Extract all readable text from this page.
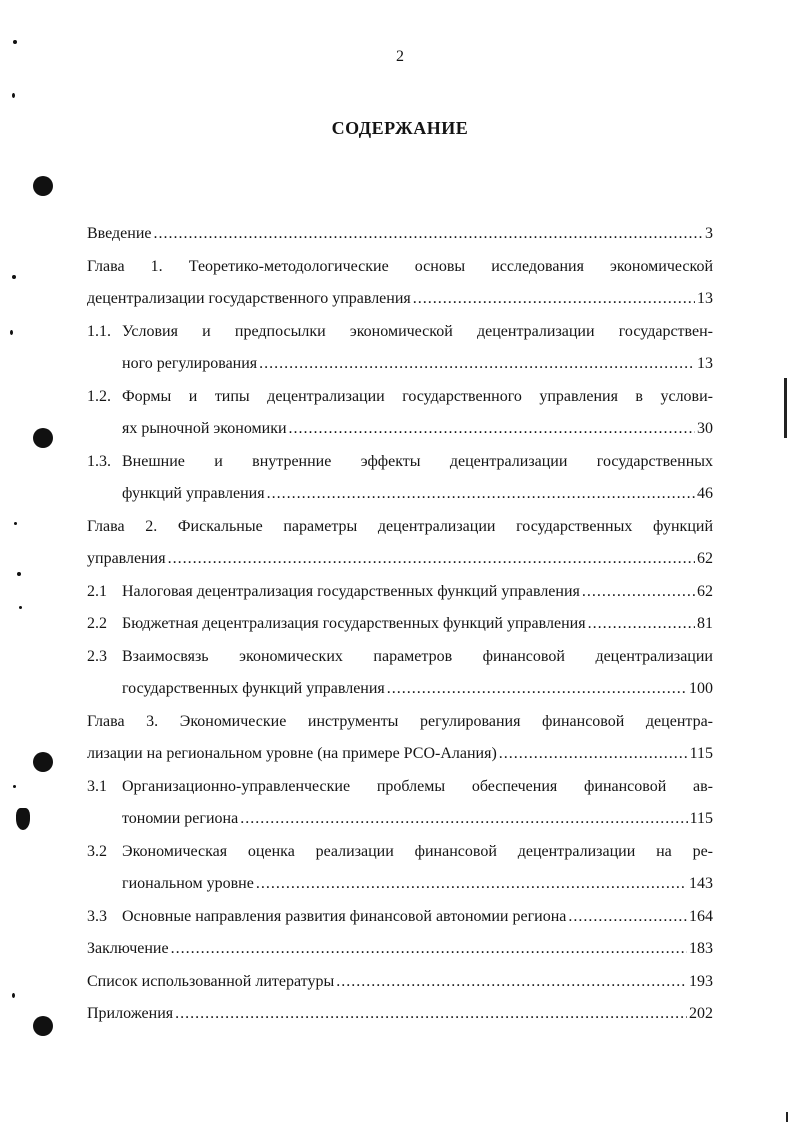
2
СОДЕРЖАНИЕ
Введение .....	3
Глава 1. Теоретико-методологические основы исследования экономической
децентрализации государственного управления .....	13
1.1. Условия и предпосылки экономической децентрализации государствен-
ного регулирования .....	13
1.2. Формы и типы децентрализации государственного управления в услови-
ях рыночной экономики .....	30
1.3. Внешние и внутренние эффекты децентрализации государственных
функций управления .....	46
Глава 2. Фискальные параметры децентрализации государственных функций
управления .....	62
2.1 Налоговая децентрализация государственных функций управления .....	62
2.2 Бюджетная децентрализация государственных функций управления .....	81
2.3 Взаимосвязь экономических параметров финансовой децентрализации
государственных функций управления .....	100
Глава 3. Экономические инструменты регулирования финансовой децентра-
лизации на региональном уровне (на примере РСО-Алания) .....	115
3.1 Организационно-управленческие проблемы обеспечения финансовой ав-
тономии региона .....	115
3.2 Экономическая оценка реализации финансовой децентрализации на ре-
гиональном уровне .....	143
3.3 Основные направления развития финансовой автономии региона .....	164
Заключение .....	183
Список использованной литературы .....	193
Приложения .....	202
